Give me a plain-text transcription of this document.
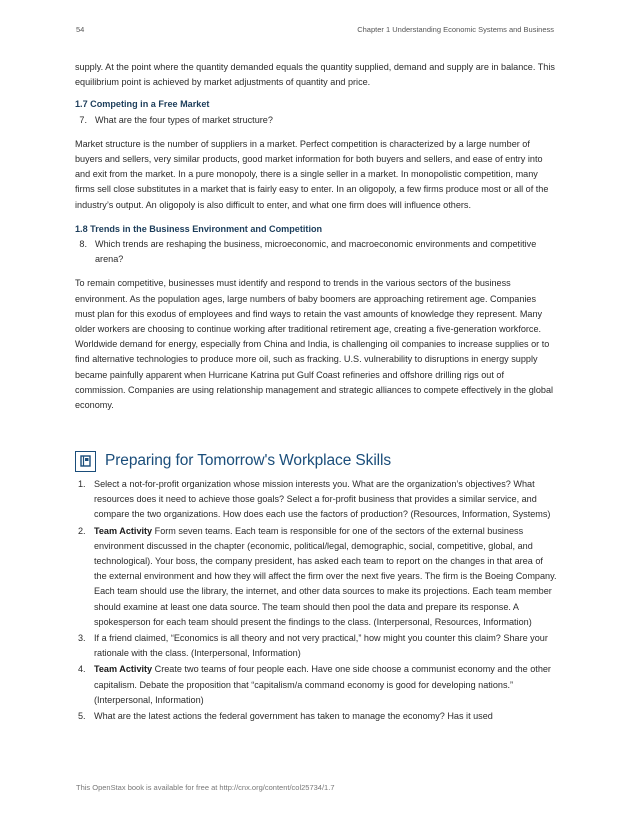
54	Chapter 1 Understanding Economic Systems and Business

supply. At the point where the quantity demanded equals the quantity supplied, demand and supply are in balance. This equilibrium point is achieved by market adjustments of quantity and price.

1.7 Competing in a Free Market
7. What are the four types of market structure?

Market structure is the number of suppliers in a market. Perfect competition is characterized by a large number of buyers and sellers, very similar products, good market information for both buyers and sellers, and ease of entry into and exit from the market. In a pure monopoly, there is a single seller in a market. In monopolistic competition, many firms sell close substitutes in a market that is fairly easy to enter. In an oligopoly, a few firms produce most or all of the industry’s output. An oligopoly is also difficult to enter, and what one firm does will influence others.

1.8 Trends in the Business Environment and Competition
8. Which trends are reshaping the business, microeconomic, and macroeconomic environments and competitive arena?

To remain competitive, businesses must identify and respond to trends in the various sectors of the business environment. As the population ages, large numbers of baby boomers are approaching retirement age. Companies must plan for this exodus of employees and find ways to retain the vast amounts of knowledge they represent. Many older workers are choosing to continue working after traditional retirement age, creating a five-generation workforce. Worldwide demand for energy, especially from China and India, is challenging oil companies to increase supplies or to find alternative technologies to produce more oil, such as fracking. U.S. vulnerability to disruptions in energy supply became painfully apparent when Hurricane Katrina put Gulf Coast refineries and offshore drilling rigs out of commission. Companies are using relationship management and strategic alliances to compete effectively in the global economy.

Preparing for Tomorrow's Workplace Skills
1. Select a not-for-profit organization whose mission interests you. What are the organization’s objectives? What resources does it need to achieve those goals? Select a for-profit business that provides a similar service, and compare the two organizations. How does each use the factors of production? (Resources, Information, Systems)
2. Team Activity Form seven teams. Each team is responsible for one of the sectors of the external business environment discussed in the chapter (economic, political/legal, demographic, social, competitive, global, and technological). Your boss, the company president, has asked each team to report on the changes in that area of the external environment and how they will affect the firm over the next five years. The firm is the Boeing Company. Each team should use the library, the internet, and other data sources to make its projections. Each team member should examine at least one data source. The team should then pool the data and prepare its response. A spokesperson for each team should present the findings to the class. (Interpersonal, Resources, Information)
3. If a friend claimed, “Economics is all theory and not very practical,” how might you counter this claim? Share your rationale with the class. (Interpersonal, Information)
4. Team Activity Create two teams of four people each. Have one side choose a communist economy and the other capitalism. Debate the proposition that “capitalism/a command economy is good for developing nations.” (Interpersonal, Information)
5. What are the latest actions the federal government has taken to manage the economy? Has it used
This OpenStax book is available for free at http://cnx.org/content/col25734/1.7
